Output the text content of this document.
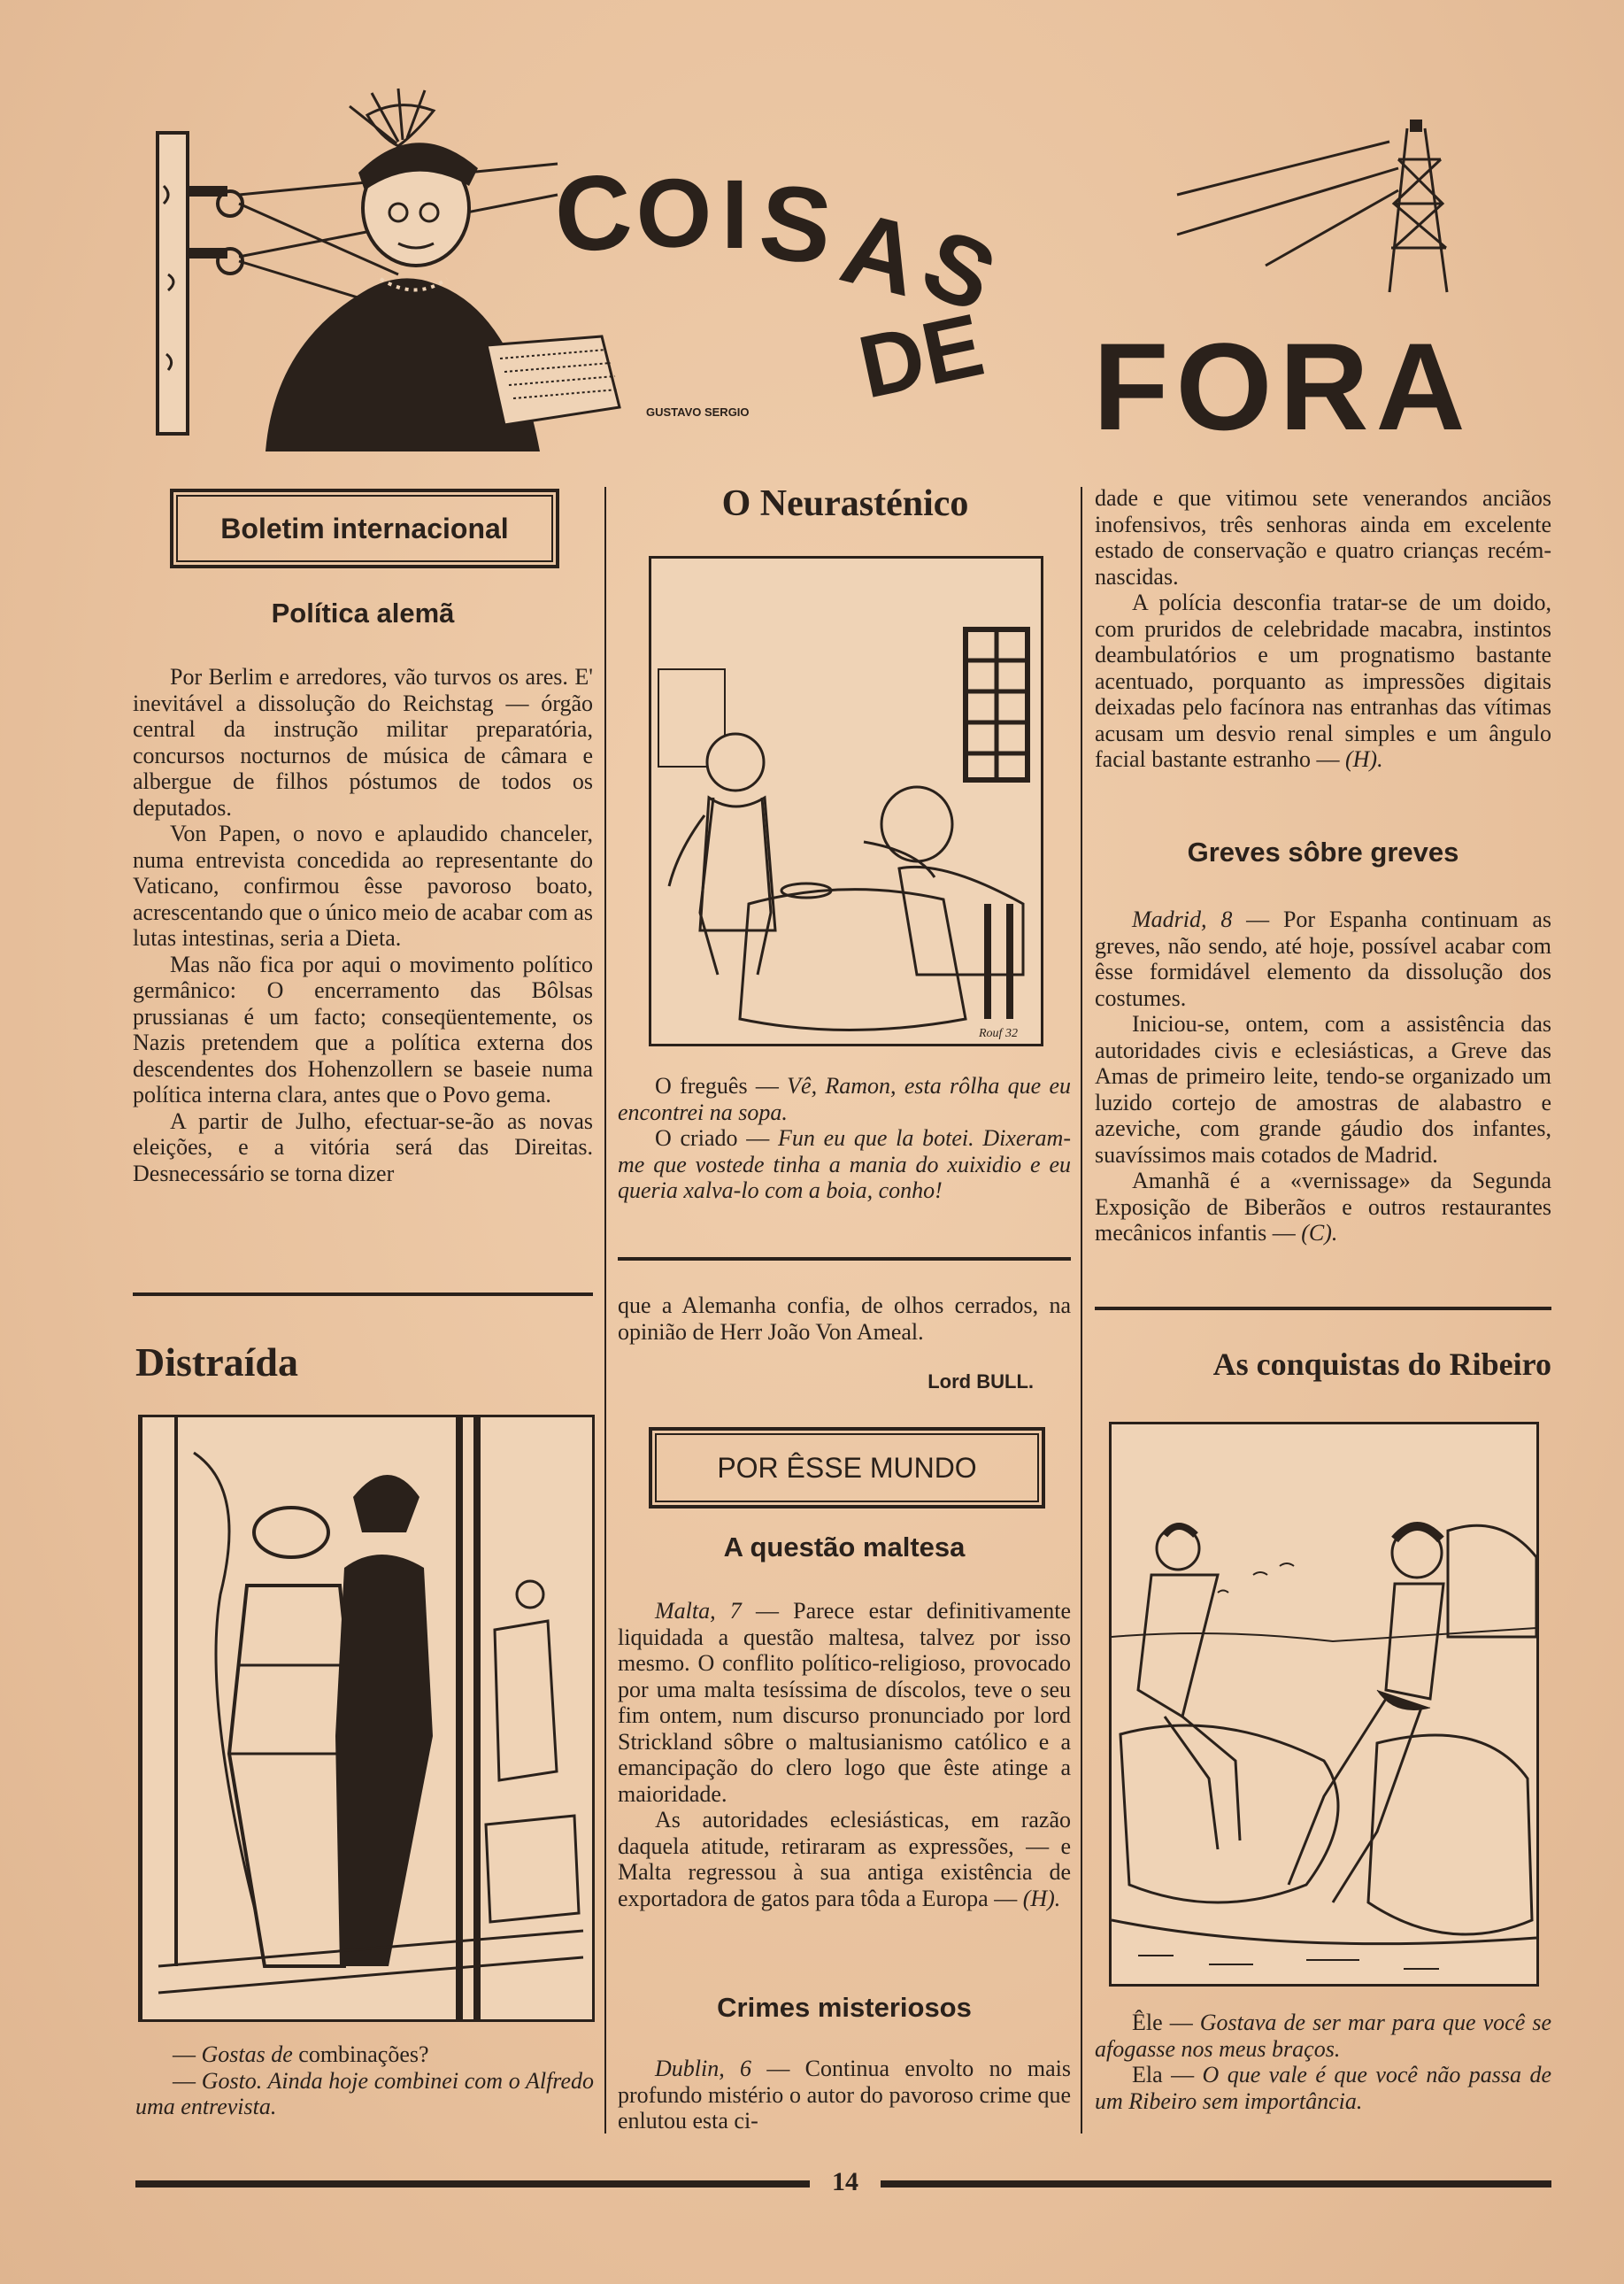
GUSTAVO SERGIO
C
O I S
A
S
DE FORA
Boletim internacional
Política alemã

Por Berlim e arredores, vão turvos os ares. E' inevitável a dissolução do Reichstag — órgão central da instrução militar preparatória, concursos nocturnos de música de câmara e albergue de filhos póstumos de todos os deputados.

Von Papen, o novo e aplaudido chanceler, numa entrevista concedida ao representante do Vaticano, confirmou êsse pavoroso boato, acrescentando que o único meio de acabar com as lutas intestinas, seria a Dieta.

Mas não fica por aqui o movimento político germânico: O encerramento das Bôlsas prussianas é um facto; conseqüentemente, os Nazis pretendem que a política externa dos descendentes dos Hohenzollern se baseie numa política interna clara, antes que o Povo gema.

A partir de Julho, efectuar-se-ão as novas eleições, e a vitória será das Direitas. Desnecessário se torna dizer

O Neurasténico
Rouf 32

O freguês — Vê, Ramon, esta rôlha que eu encontrei na sopa.

O criado — Fun eu que la botei. Dixeram-me que vostede tinha a mania do xuixidio e eu queria xalva-lo com a boia, conho!

dade e que vitimou sete venerandos anciãos inofensivos, três senhoras ainda em excelente estado de conservação e quatro crianças recém-nascidas.

A polícia desconfia tratar-se de um doido, com pruridos de celebridade macabra, instintos deambulatórios e um prognatismo bastante acentuado, porquanto as impressões digitais deixadas pelo facínora nas entranhas das vítimas acusam um desvio renal simples e um ângulo facial bastante estranho — (H).

Greves sôbre greves

Madrid, 8 — Por Espanha continuam as greves, não sendo, até hoje, possível acabar com êsse formidável elemento da dissolução dos costumes.

Iniciou-se, ontem, com a assistência das autoridades civis e eclesiásticas, a Greve das Amas de primeiro leite, tendo-se organizado um luzido cortejo de amostras de alabastro e azeviche, com grande gáudio dos infantes, suavíssimos mais cotados de Madrid.

Amanhã é a «vernissage» da Segunda Exposição de Biberãos e outros restaurantes mecânicos infantis — (C).

Distraída

— Gostas de combinações?

— Gosto. Ainda hoje combinei com o Alfredo uma entrevista.

que a Alemanha confia, de olhos cerrados, na opinião de Herr João Von Ameal.

Lord BULL.
POR ÊSSE MUNDO
A questão maltesa

Malta, 7 — Parece estar definitivamente liquidada a questão maltesa, talvez por isso mesmo. O conflito político-religioso, provocado por uma malta tesíssima de díscolos, teve o seu fim ontem, num discurso pronunciado por lord Strickland sôbre o maltusianismo católico e a emancipação do clero logo que êste atinge a maioridade.

As autoridades eclesiásticas, em razão daquela atitude, retiraram as expressões, — e Malta regressou à sua antiga existência de exportadora de gatos para tôda a Europa — (H).

Crimes misteriosos

Dublin, 6 — Continua envolto no mais profundo mistério o autor do pavoroso crime que enlutou esta ci-

As conquistas do Ribeiro

Êle — Gostava de ser mar para que você se afogasse nos meus braços.

Ela — O que vale é que você não passa de um Ribeiro sem importância.

14
